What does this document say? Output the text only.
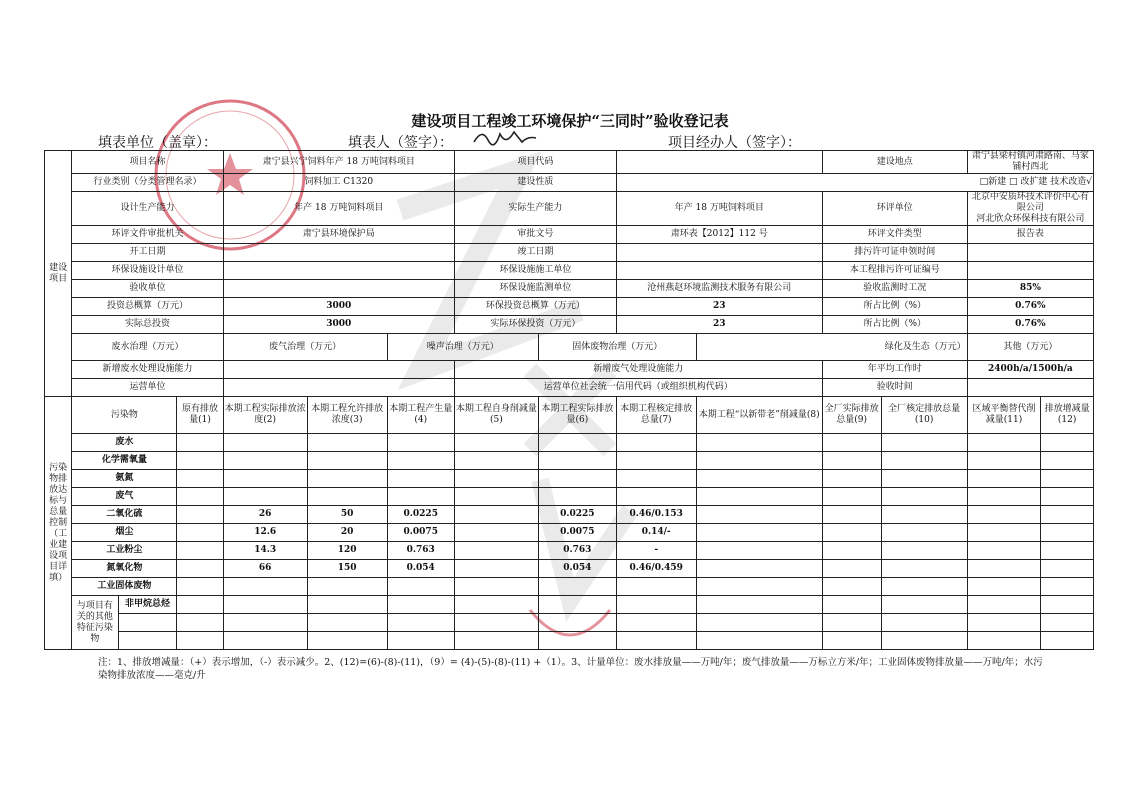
建设项目工程竣工环境保护“三同时”验收登记表
填表单位（盖章）：	填表人（签字）：	项目经办人（签字）：
建设项目	项目名称			肃宁县兴宁饲料年产 18 万吨饲料项目			项目代码				建设地点		肃宁县梁村镇河肃路南、马家铺村西北	
	行业类别（分类管理名录）			饲料加工 C1320			建设性质		□新建 □ 改扩建 技术改造√					
	设计生产能力			年产 18 万吨饲料项目			实际生产能力		年产 18 万吨饲料项目		环评单位		北京中安质环技术评价中心有限公司
河北欣众环保科技有限公司	

	环评文件审批机关			肃宁县环境保护局			审批文号		肃环表【2012】112 号		环评文件类型		报告表	
	开工日期						竣工日期				排污许可证申领时间			
	环保设施设计单位						环保设施施工单位				本工程排污许可证编号			
	验收单位						环保设施监测单位		沧州燕赵环境监测技术服务有限公司		验收监测时工况		85%	
	投资总概算（万元）			3000			环保投资总概算（万元）		23		所占比例（%）		0.76%	
	实际总投资			3000			实际环保投资（万元）		23		所占比例（%）		0.76%	
	废水治理（万元）			废气治理（万元）		噪声治理（万元）		固体废物治理（万元）		绿化及生态（万元）			其他（万元）	
	新增废水处理设施能力						新增废气处理设施能力				年平均工作时		2400h/a/1500h/a	
	运营单位						运营单位社会统一信用代码（或组织机构代码）				验收时间			
污染物排放达标与总量控制（工业建设项目详填）	污染物		原有排放量(1)	本期工程实际排放浓度(2)	本期工程允许排放浓度(3)	本期工程产生量(4)	本期工程自身削减量(5)	本期工程实际排放量(6)	本期工程核定排放总量(7)	本期工程“以新带老”削减量(8)	全厂实际排放总量(9)	全厂核定排放总量(10)	区域平衡替代削减量(11)	排放增减量(12)
	废水													
	化学需氧量													
	氨氮													
	废气													
	二氧化硫			26	50	0.0225		0.0225	0.46/0.153					
	烟尘			12.6	20	0.0075		0.0075	0.14/-					
	工业粉尘			14.3	120	0.763		0.763	-					
	氮氧化物			66	150	0.054		0.054	0.46/0.459					
	工业固体废物													
	与项目有关的其他特征污染物	非甲烷总烃												

注：1、排放增减量：（+）表示增加，（-）表示减少。2、(12)=(6)-(8)-(11)，（9）= (4)-(5)-(8)-(11) +（1）。3、计量单位：废水排放量——万吨/年；废气排放量——万标立方米/年；工业固体废物排放量——万吨/年；水污染物排放浓度——毫克/升
